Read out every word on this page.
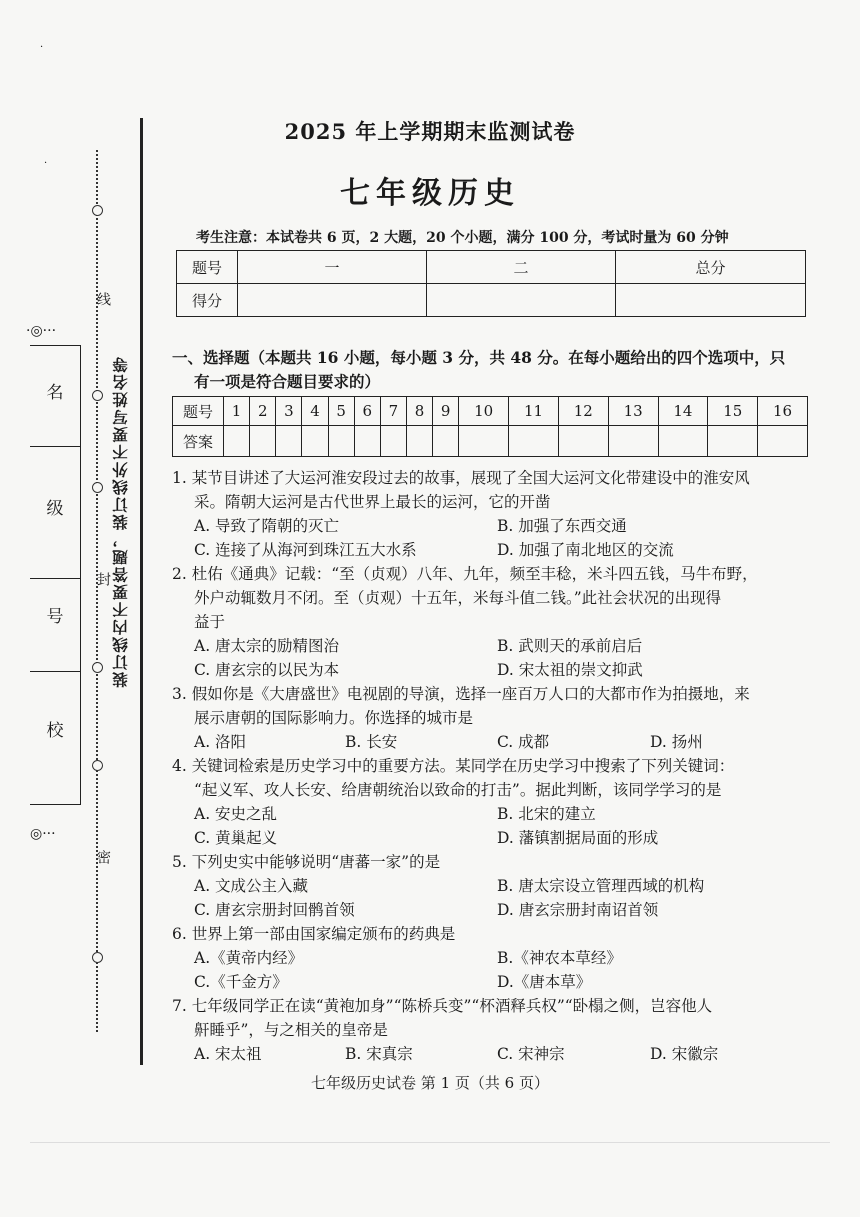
线
封
密
装订线内不要答题，装订线外不要写姓名等
·
·
·◎···
◎···
名
级
号
校
2025 年上学期期末监测试卷
七年级历史
考生注意：本试卷共 6 页，2 大题，20 个小题，满分 100 分，考试时量为 60 分钟
题号	一	二	总分
得分			
一、选择题（本题共 16 小题，每小题 3 分，共 48 分。在每小题给出的四个选项中，只
有一项是符合题目要求的）
题号	1	2	3	4	5	6	7	8	9	10	11	12	13	14	15	16
答案																
1. 某节目讲述了大运河淮安段过去的故事，展现了全国大运河文化带建设中的淮安风
采。隋朝大运河是古代世界上最长的运河，它的开凿
A. 导致了隋朝的灭亡	B. 加强了东西交通
C. 连接了从海河到珠江五大水系	D. 加强了南北地区的交流
2. 杜佑《通典》记载：“至（贞观）八年、九年，频至丰稔，米斗四五钱，马牛布野，
外户动辄数月不闭。至（贞观）十五年，米每斗值二钱。”此社会状况的出现得
益于
A. 唐太宗的励精图治	B. 武则天的承前启后
C. 唐玄宗的以民为本	D. 宋太祖的崇文抑武
3. 假如你是《大唐盛世》电视剧的导演，选择一座百万人口的大都市作为拍摄地，来
展示唐朝的国际影响力。你选择的城市是
A. 洛阳	B. 长安	C. 成都	D. 扬州
4. 关键词检索是历史学习中的重要方法。某同学在历史学习中搜索了下列关键词：
“起义军、攻人长安、给唐朝统治以致命的打击”。据此判断，该同学学习的是
A. 安史之乱	B. 北宋的建立
C. 黄巢起义	D. 藩镇割据局面的形成
5. 下列史实中能够说明“唐蕃一家”的是
A. 文成公主入藏	B. 唐太宗设立管理西域的机构
C. 唐玄宗册封回鹘首领	D. 唐玄宗册封南诏首领
6. 世界上第一部由国家编定颁布的药典是
A.《黄帝内经》	B.《神农本草经》
C.《千金方》	D.《唐本草》
7. 七年级同学正在读“黄袍加身”“陈桥兵变”“杯酒释兵权”“卧榻之侧，岂容他人
鼾睡乎”，与之相关的皇帝是
A. 宋太祖	B. 宋真宗	C. 宋神宗	D. 宋徽宗
七年级历史试卷 第 1 页（共 6 页）
